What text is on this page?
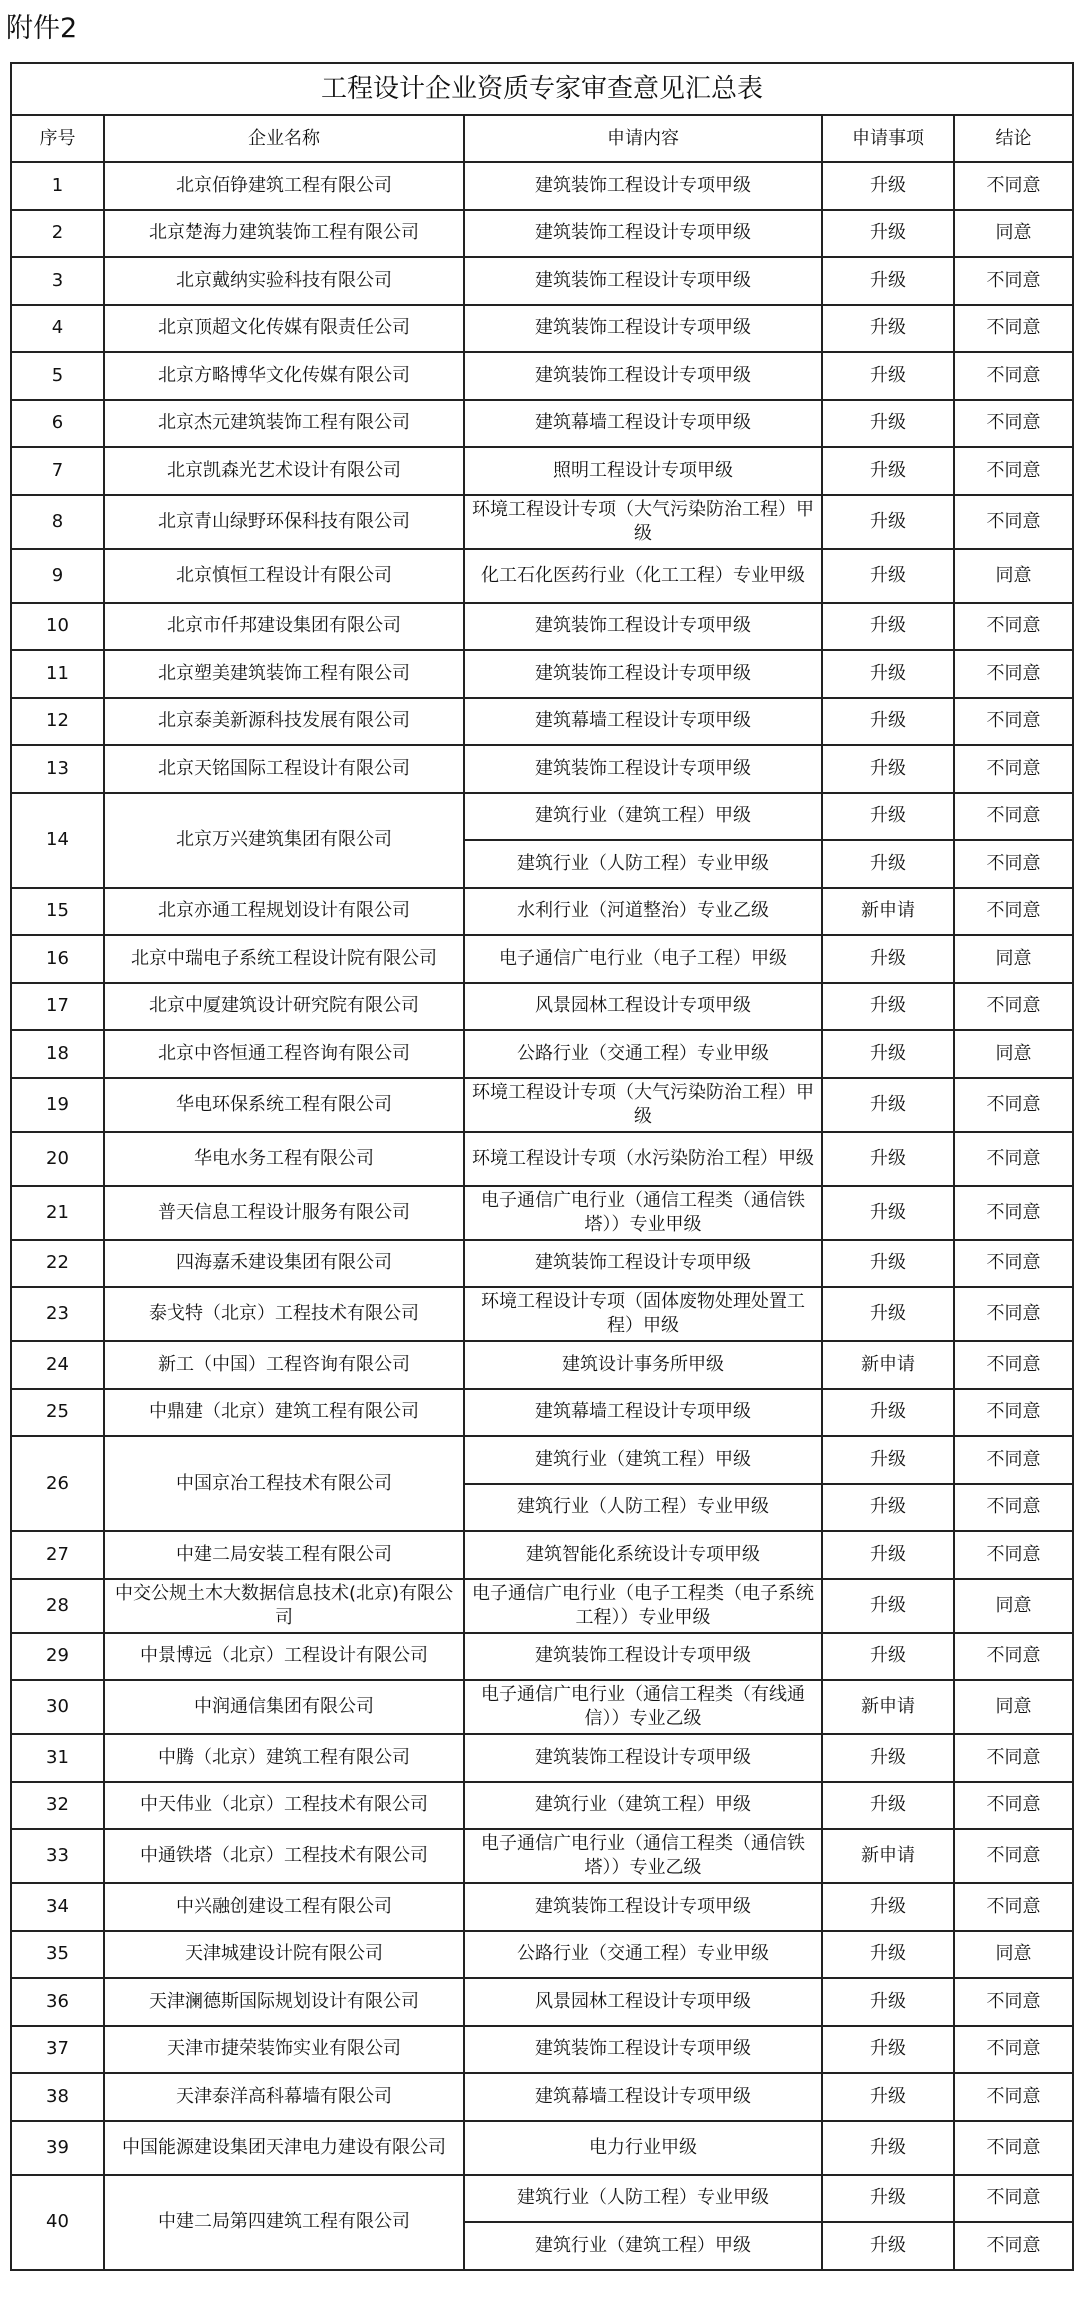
附件2
工程设计企业资质专家审查意见汇总表				
序号	企业名称	申请内容	申请事项	结论
1	北京佰铮建筑工程有限公司	建筑装饰工程设计专项甲级	升级	不同意
2	北京楚海力建筑装饰工程有限公司	建筑装饰工程设计专项甲级	升级	同意
3	北京戴纳实验科技有限公司	建筑装饰工程设计专项甲级	升级	不同意
4	北京顶超文化传媒有限责任公司	建筑装饰工程设计专项甲级	升级	不同意
5	北京方略博华文化传媒有限公司	建筑装饰工程设计专项甲级	升级	不同意
6	北京杰元建筑装饰工程有限公司	建筑幕墙工程设计专项甲级	升级	不同意
7	北京凯森光艺术设计有限公司	照明工程设计专项甲级	升级	不同意
8	北京青山绿野环保科技有限公司	环境工程设计专项（大气污染防治工程）甲级	升级	不同意
9	北京慎恒工程设计有限公司	化工石化医药行业（化工工程）专业甲级	升级	同意
10	北京市仟邦建设集团有限公司	建筑装饰工程设计专项甲级	升级	不同意
11	北京塑美建筑装饰工程有限公司	建筑装饰工程设计专项甲级	升级	不同意
12	北京泰美新源科技发展有限公司	建筑幕墙工程设计专项甲级	升级	不同意
13	北京天铭国际工程设计有限公司	建筑装饰工程设计专项甲级	升级	不同意
14	北京万兴建筑集团有限公司	建筑行业（建筑工程）甲级	升级	不同意
		建筑行业（人防工程）专业甲级	升级	不同意
15	北京亦通工程规划设计有限公司	水利行业（河道整治）专业乙级	新申请	不同意
16	北京中瑞电子系统工程设计院有限公司	电子通信广电行业（电子工程）甲级	升级	同意
17	北京中厦建筑设计研究院有限公司	风景园林工程设计专项甲级	升级	不同意
18	北京中咨恒通工程咨询有限公司	公路行业（交通工程）专业甲级	升级	同意
19	华电环保系统工程有限公司	环境工程设计专项（大气污染防治工程）甲级	升级	不同意
20	华电水务工程有限公司	环境工程设计专项（水污染防治工程）甲级	升级	不同意
21	普天信息工程设计服务有限公司	电子通信广电行业（通信工程类（通信铁塔））专业甲级	升级	不同意
22	四海嘉禾建设集团有限公司	建筑装饰工程设计专项甲级	升级	不同意
23	泰戈特（北京）工程技术有限公司	环境工程设计专项（固体废物处理处置工程）甲级	升级	不同意
24	新工（中国）工程咨询有限公司	建筑设计事务所甲级	新申请	不同意
25	中鼎建（北京）建筑工程有限公司	建筑幕墙工程设计专项甲级	升级	不同意
26	中国京冶工程技术有限公司	建筑行业（建筑工程）甲级	升级	不同意
		建筑行业（人防工程）专业甲级	升级	不同意
27	中建二局安装工程有限公司	建筑智能化系统设计专项甲级	升级	不同意
28	中交公规土木大数据信息技术(北京)有限公司	电子通信广电行业（电子工程类（电子系统工程））专业甲级	升级	同意
29	中景博远（北京）工程设计有限公司	建筑装饰工程设计专项甲级	升级	不同意
30	中润通信集团有限公司	电子通信广电行业（通信工程类（有线通信））专业乙级	新申请	同意
31	中腾（北京）建筑工程有限公司	建筑装饰工程设计专项甲级	升级	不同意
32	中天伟业（北京）工程技术有限公司	建筑行业（建筑工程）甲级	升级	不同意
33	中通铁塔（北京）工程技术有限公司	电子通信广电行业（通信工程类（通信铁塔））专业乙级	新申请	不同意
34	中兴融创建设工程有限公司	建筑装饰工程设计专项甲级	升级	不同意
35	天津城建设计院有限公司	公路行业（交通工程）专业甲级	升级	同意
36	天津澜德斯国际规划设计有限公司	风景园林工程设计专项甲级	升级	不同意
37	天津市捷荣装饰实业有限公司	建筑装饰工程设计专项甲级	升级	不同意
38	天津泰洋高科幕墙有限公司	建筑幕墙工程设计专项甲级	升级	不同意
39	中国能源建设集团天津电力建设有限公司	电力行业甲级	升级	不同意
40	中建二局第四建筑工程有限公司	建筑行业（人防工程）专业甲级	升级	不同意
		建筑行业（建筑工程）甲级	升级	不同意
